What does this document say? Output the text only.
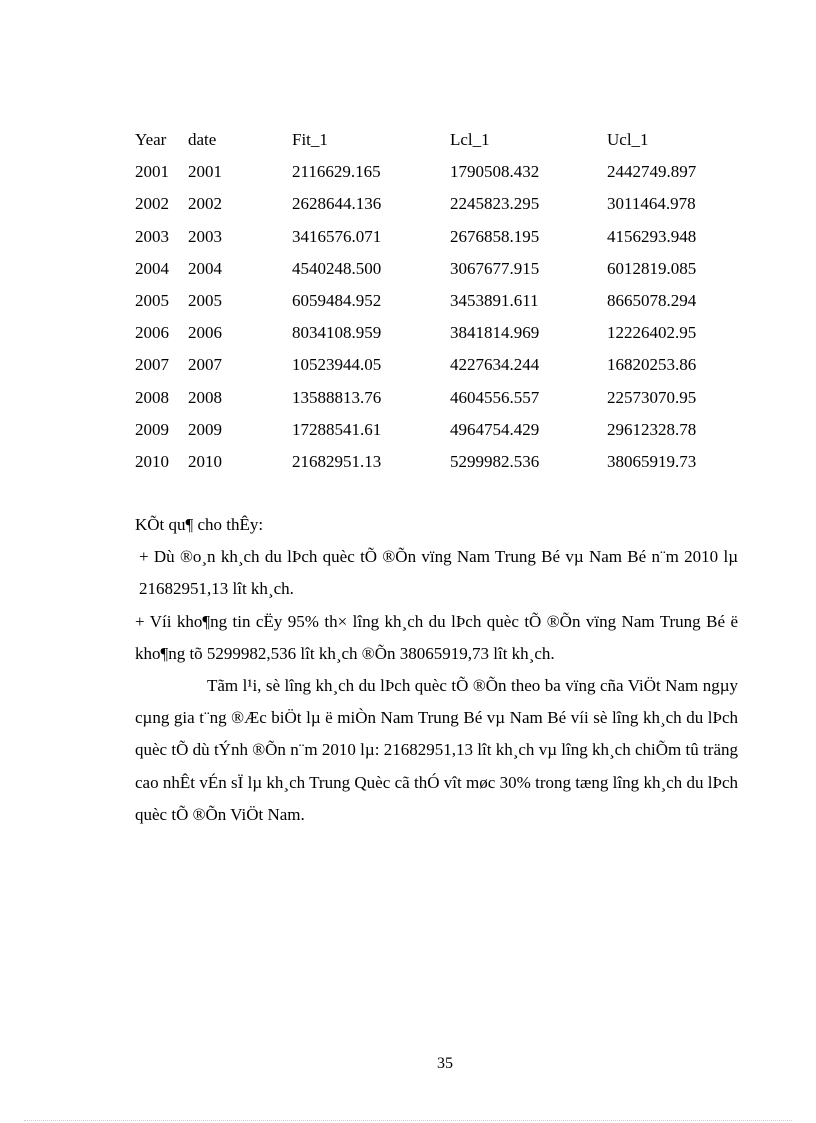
Year	date	Fit_1	Lcl_1	Ucl_1
2001	2001	2116629.165	1790508.432	2442749.897
2002	2002	2628644.136	2245823.295	3011464.978
2003	2003	3416576.071	2676858.195	4156293.948
2004	2004	4540248.500	3067677.915	6012819.085
2005	2005	6059484.952	3453891.611	8665078.294
2006	2006	8034108.959	3841814.969	12226402.95
2007	2007	10523944.05	4227634.244	16820253.86
2008	2008	13588813.76	4604556.557	22573070.95
2009	2009	17288541.61	4964754.429	29612328.78
2010	2010	21682951.13	5299982.536	38065919.73

KÕt qu¶ cho thÊy:

+ Dù ®o¸n kh¸ch du lÞch quèc tÕ ®Õn vïng Nam Trung Bé vµ Nam Bé n¨m 2010 lµ 21682951,13 lît kh¸ch.

+ Víi kho¶ng tin cËy 95% th× lîng kh¸ch du lÞch quèc tÕ ®Õn vïng Nam Trung Bé ë kho¶ng tõ 5299982,536 lît kh¸ch ®Õn 38065919,73 lît kh¸ch.

Tãm l¹i, sè lîng kh¸ch du lÞch quèc tÕ ®Õn theo ba vïng cña ViÖt Nam ngµy cµng gia t¨ng ®Æc biÖt lµ ë miÒn Nam Trung Bé vµ Nam Bé víi sè lîng kh¸ch du lÞch quèc tÕ dù tÝnh ®Õn n¨m 2010 lµ: 21682951,13 lît kh¸ch vµ lîng kh¸ch chiÕm tû träng cao nhÊt vÉn sÏ lµ kh¸ch Trung Quèc cã thÓ vît møc 30% trong tæng lîng kh¸ch du lÞch quèc tÕ ®Õn ViÖt Nam.

35
